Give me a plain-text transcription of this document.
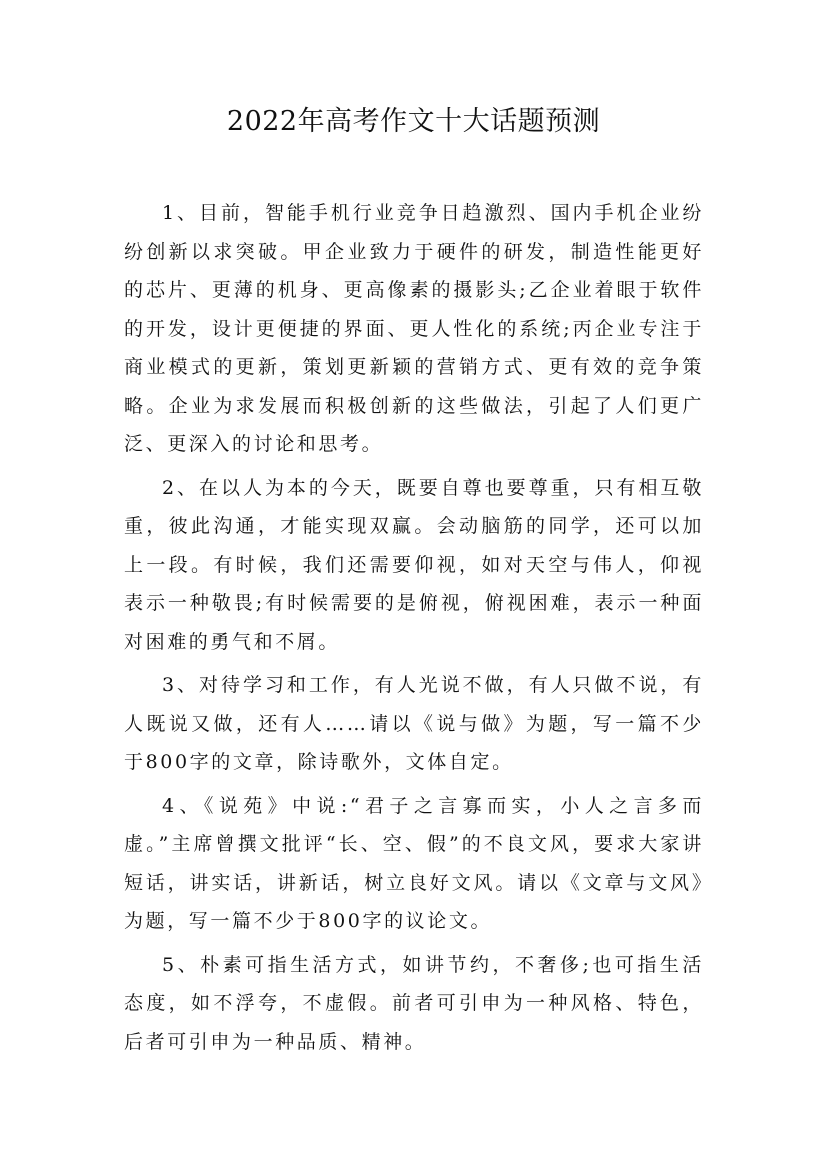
2022年高考作文十大话题预测

1、目前，智能手机行业竞争日趋激烈、国内手机企业纷纷创新以求突破。甲企业致力于硬件的研发，制造性能更好的芯片、更薄的机身、更高像素的摄影头;乙企业着眼于软件的开发，设计更便捷的界面、更人性化的系统;丙企业专注于商业模式的更新，策划更新颖的营销方式、更有效的竞争策略。企业为求发展而积极创新的这些做法，引起了人们更广泛、更深入的讨论和思考。

2、在以人为本的今天，既要自尊也要尊重，只有相互敬重，彼此沟通，才能实现双赢。会动脑筋的同学，还可以加上一段。有时候，我们还需要仰视，如对天空与伟人，仰视表示一种敬畏;有时候需要的是俯视，俯视困难，表示一种面对困难的勇气和不屑。

3、对待学习和工作，有人光说不做，有人只做不说，有人既说又做，还有人……请以《说与做》为题，写一篇不少于800字的文章，除诗歌外，文体自定。

4、《说苑》中说:“君子之言寡而实，小人之言多而虚。”主席曾撰文批评“长、空、假”的不良文风，要求大家讲短话，讲实话，讲新话，树立良好文风。请以《文章与文风》为题，写一篇不少于800字的议论文。

5、朴素可指生活方式，如讲节约，不奢侈;也可指生活态度，如不浮夸，不虚假。前者可引申为一种风格、特色，后者可引申为一种品质、精神。
